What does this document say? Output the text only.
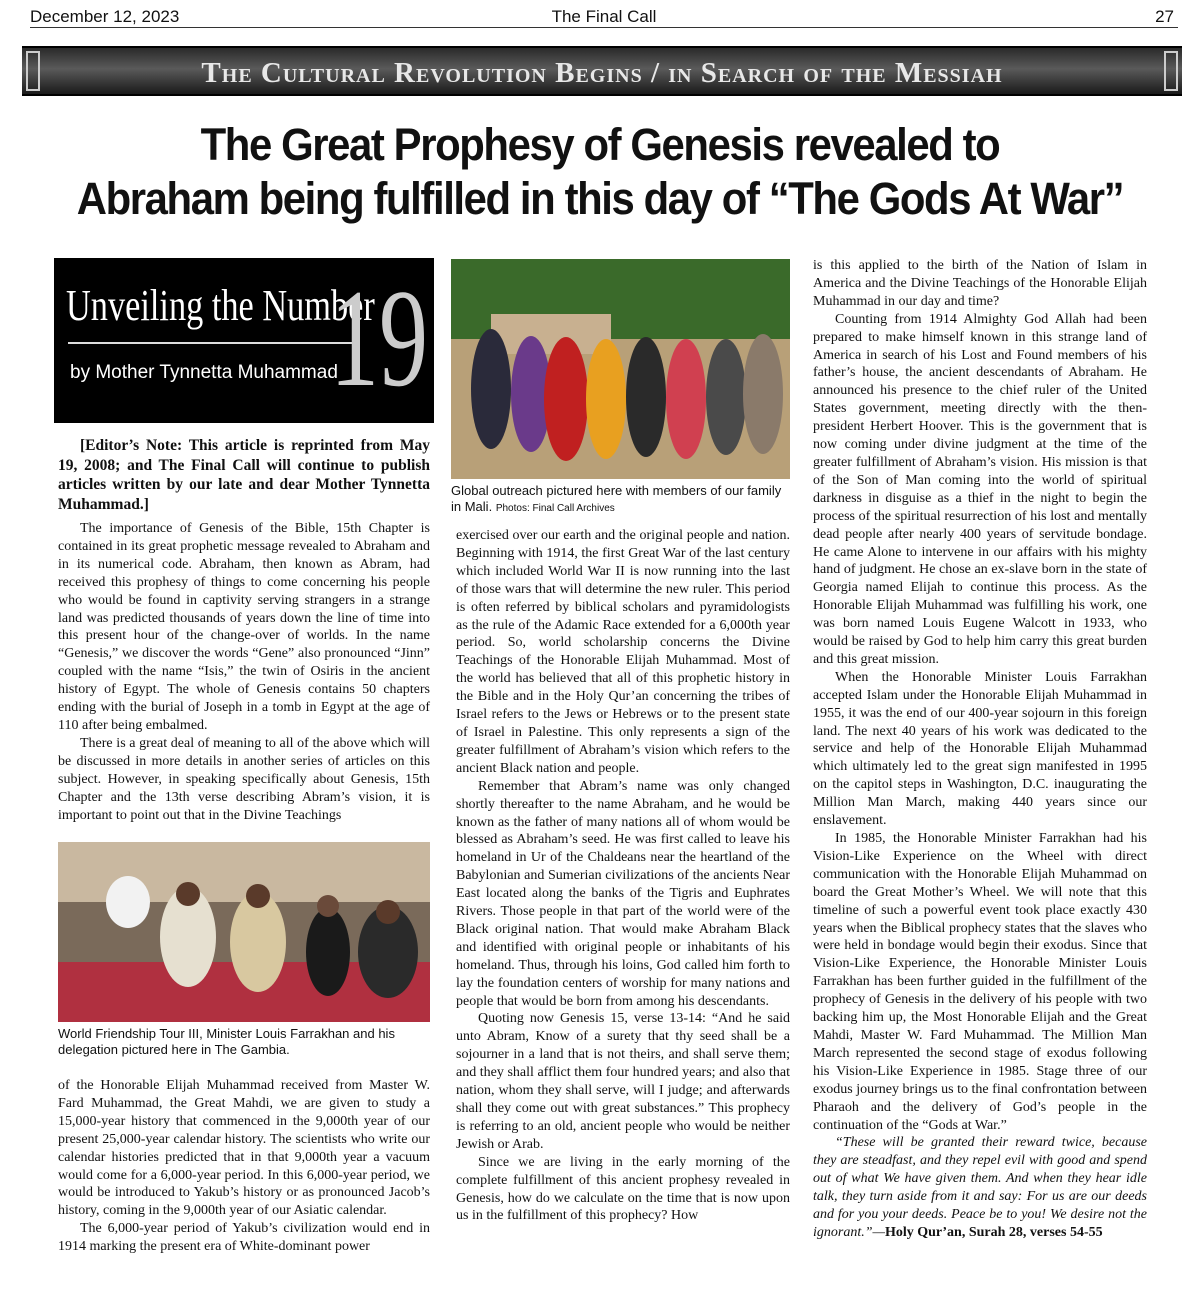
December 12, 2023	The Final Call	27
The Cultural Revolution Begins / in Search of the Messiah
The Great Prophesy of Genesis revealed to
Abraham being fulfilled in this day of “The Gods At War”
Unveiling the Number
by Mother Tynnetta Muhammad
19

[Editor’s Note: This article is reprinted from May 19, 2008; and The Final Call will continue to publish articles written by our late and dear Mother Tynnetta Muhammad.]

The importance of Genesis of the Bible, 15th Chapter is contained in its great prophetic message revealed to Abraham and in its numerical code. Abraham, then known as Abram, had received this prophesy of things to come concerning his people who would be found in captivity serving strangers in a strange land was predicted thousands of years down the line of time into this present hour of the change-over of worlds. In the name “Genesis,” we discover the words “Gene” also pronounced “Jinn” coupled with the name “Isis,” the twin of Osiris in the ancient history of Egypt. The whole of Genesis contains 50 chapters ending with the burial of Joseph in a tomb in Egypt at the age of 110 after being embalmed.

There is a great deal of meaning to all of the above which will be discussed in more details in another series of articles on this subject. However, in speaking specifically about Genesis, 15th Chapter and the 13th verse describing Abram’s vision, it is important to point out that in the Divine Teachings

World Friendship Tour III, Minister Louis Farrakhan and his delegation pictured here in The Gambia.

of the Honorable Elijah Muhammad received from Master W. Fard Muhammad, the Great Mahdi, we are given to study a 15,000-year history that commenced in the 9,000th year of our present 25,000-year calendar history. The scientists who write our calendar histories predicted that in that 9,000th year a vacuum would come for a 6,000-year period. In this 6,000-year period, we would be introduced to Yakub’s history or as pronounced Jacob’s history, coming in the 9,000th year of our Asiatic calendar.

The 6,000-year period of Yakub’s civilization would end in 1914 marking the present era of White-dominant power

Global outreach pictured here with members of our family in Mali. Photos: Final Call Archives

exercised over our earth and the original people and nation. Beginning with 1914, the first Great War of the last century which included World War II is now running into the last of those wars that will determine the new ruler. This period is often referred by biblical scholars and pyramidologists as the rule of the Adamic Race extended for a 6,000th year period. So, world scholarship concerns the Divine Teachings of the Honorable Elijah Muhammad. Most of the world has believed that all of this prophetic history in the Bible and in the Holy Qur’an concerning the tribes of Israel refers to the Jews or Hebrews or to the present state of Israel in Palestine. This only represents a sign of the greater fulfillment of Abraham’s vision which refers to the ancient Black nation and people.

Remember that Abram’s name was only changed shortly thereafter to the name Abraham, and he would be known as the father of many nations all of whom would be blessed as Abraham’s seed. He was first called to leave his homeland in Ur of the Chaldeans near the heartland of the Babylonian and Sumerian civilizations of the ancients Near East located along the banks of the Tigris and Euphrates Rivers. Those people in that part of the world were of the Black original nation. That would make Abraham Black and identified with original people or inhabitants of his homeland. Thus, through his loins, God called him forth to lay the foundation centers of worship for many nations and people that would be born from among his descendants.

Quoting now Genesis 15, verse 13-14: “And he said unto Abram, Know of a surety that thy seed shall be a sojourner in a land that is not theirs, and shall serve them; and they shall afflict them four hundred years; and also that nation, whom they shall serve, will I judge; and afterwards shall they come out with great substances.” This prophecy is referring to an old, ancient people who would be neither Jewish or Arab.

Since we are living in the early morning of the complete fulfillment of this ancient prophesy revealed in Genesis, how do we calculate on the time that is now upon us in the fulfillment of this prophecy? How

is this applied to the birth of the Nation of Islam in America and the Divine Teachings of the Honorable Elijah Muhammad in our day and time?

Counting from 1914 Almighty God Allah had been prepared to make himself known in this strange land of America in search of his Lost and Found members of his father’s house, the ancient descendants of Abraham. He announced his presence to the chief ruler of the United States government, meeting directly with the then-president Herbert Hoover. This is the government that is now coming under divine judgment at the time of the greater fulfillment of Abraham’s vision. His mission is that of the Son of Man coming into the world of spiritual darkness in disguise as a thief in the night to begin the process of the spiritual resurrection of his lost and mentally dead people after nearly 400 years of servitude bondage. He came Alone to intervene in our affairs with his mighty hand of judgment. He chose an ex-slave born in the state of Georgia named Elijah to continue this process. As the Honorable Elijah Muhammad was fulfilling his work, one was born named Louis Eugene Walcott in 1933, who would be raised by God to help him carry this great burden and this great mission.

When the Honorable Minister Louis Farrakhan accepted Islam under the Honorable Elijah Muhammad in 1955, it was the end of our 400-year sojourn in this foreign land. The next 40 years of his work was dedicated to the service and help of the Honorable Elijah Muhammad which ultimately led to the great sign manifested in 1995 on the capitol steps in Washington, D.C. inaugurating the Million Man March, making 440 years since our enslavement.

In 1985, the Honorable Minister Farrakhan had his Vision-Like Experience on the Wheel with direct communication with the Honorable Elijah Muhammad on board the Great Mother’s Wheel. We will note that this timeline of such a powerful event took place exactly 430 years when the Biblical prophecy states that the slaves who were held in bondage would begin their exodus. Since that Vision-Like Experience, the Honorable Minister Louis Farrakhan has been further guided in the fulfillment of the prophecy of Genesis in the delivery of his people with two backing him up, the Most Honorable Elijah and the Great Mahdi, Master W. Fard Muhammad. The Million Man March represented the second stage of exodus following his Vision-Like Experience in 1985. Stage three of our exodus journey brings us to the final confrontation between Pharaoh and the delivery of God’s people in the continuation of the “Gods at War.”

“These will be granted their reward twice, because they are steadfast, and they repel evil with good and spend out of what We have given them. And when they hear idle talk, they turn aside from it and say: For us are our deeds and for you your deeds. Peace be to you! We desire not the ignorant.”—Holy Qur’an, Surah 28, verses 54-55
